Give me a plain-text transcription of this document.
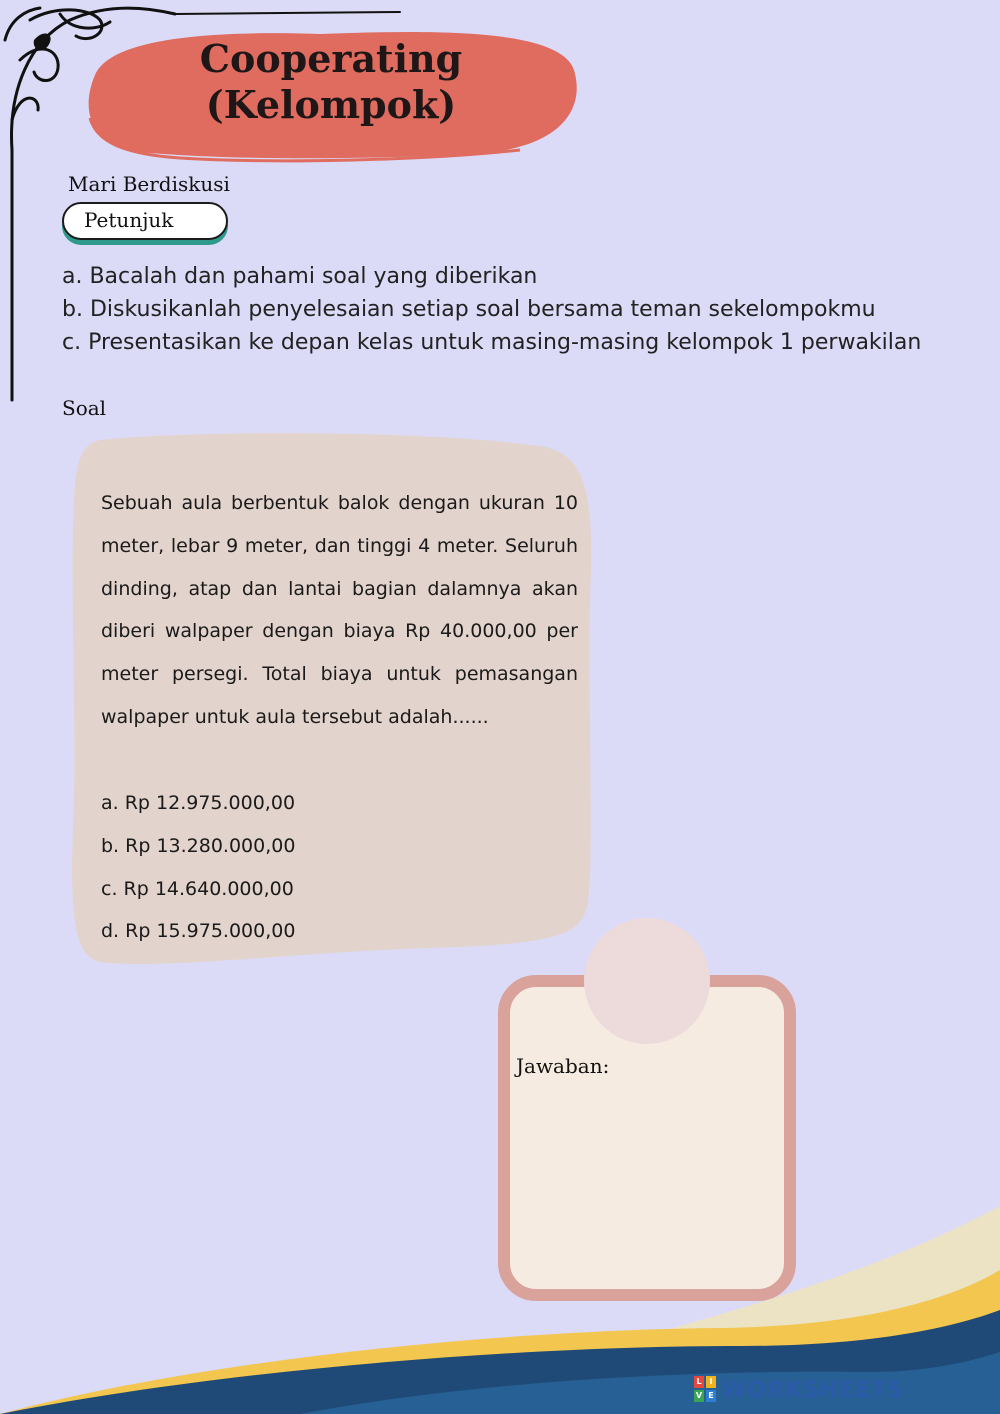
Cooperating
(Kelompok)
Mari Berdiskusi
Petunjuk
a. Bacalah dan pahami soal yang diberikan
b. Diskusikanlah penyelesaian setiap soal bersama teman sekelompokmu
c. Presentasikan ke depan kelas untuk masing-masing kelompok 1 perwakilan
Soal
Sebuah aula berbentuk balok dengan ukuran 10 meter, lebar 9 meter, dan tinggi 4 meter. Seluruh dinding, atap dan lantai bagian dalamnya akan diberi walpaper dengan biaya Rp 40.000,00 per meter persegi. Total biaya untuk pemasangan walpaper untuk aula tersebut adalah......
a. Rp 12.975.000,00
b. Rp 13.280.000,00
c. Rp 14.640.000,00
d. Rp 15.975.000,00
Jawaban:
L I
V E WORKSHEETS
